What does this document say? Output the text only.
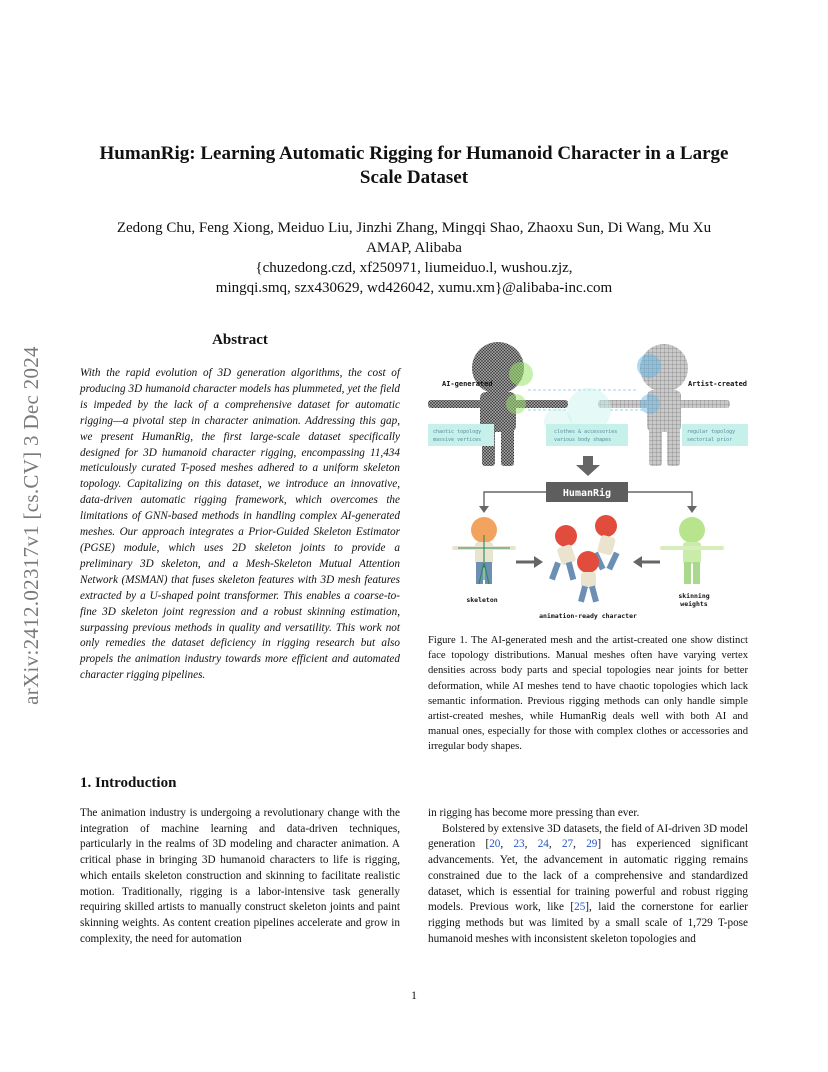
arXiv:2412.02317v1 [cs.CV] 3 Dec 2024
HumanRig: Learning Automatic Rigging for Humanoid Character in a Large Scale Dataset
Zedong Chu, Feng Xiong, Meiduo Liu, Jinzhi Zhang, Mingqi Shao, Zhaoxu Sun, Di Wang, Mu Xu
AMAP, Alibaba
{chuzedong.czd, xf250971, liumeiduo.l, wushou.zjz,
mingqi.smq, szx430629, wd426042, xumu.xm}@alibaba-inc.com
Abstract
With the rapid evolution of 3D generation algorithms, the cost of producing 3D humanoid character models has plummeted, yet the field is impeded by the lack of a comprehensive dataset for automatic rigging—a pivotal step in character animation. Addressing this gap, we present HumanRig, the first large-scale dataset specifically designed for 3D humanoid character rigging, encompassing 11,434 meticulously curated T-posed meshes adhered to a uniform skeleton topology. Capitalizing on this dataset, we introduce an innovative, data-driven automatic rigging framework, which overcomes the limitations of GNN-based methods in handling complex AI-generated meshes. Our approach integrates a Prior-Guided Skeleton Estimator (PGSE) module, which uses 2D skeleton joints to provide a preliminary 3D skeleton, and a Mesh-Skeleton Mutual Attention Network (MSMAN) that fuses skeleton features with 3D mesh features extracted by a U-shaped point transformer. This enables a coarse-to-fine 3D skeleton joint regression and a robust skinning estimation, surpassing previous methods in quality and versatility. This work not only remedies the dataset deficiency in rigging research but also propels the animation industry towards more efficient and automated character rigging pipelines.
1. Introduction
The animation industry is undergoing a revolutionary change with the integration of machine learning and data-driven techniques, particularly in the realms of 3D modeling and character animation. A critical phase in bringing 3D humanoid characters to life is rigging, which entails skeleton construction and skinning to facilitate realistic motion. Traditionally, rigging is a labor-intensive task generally requiring skilled artists to manually construct skeleton joints and paint skinning weights. As content creation pipelines accelerate and grow in complexity, the need for automation
in rigging has become more pressing than ever.
Bolstered by extensive 3D datasets, the field of AI-driven 3D model generation [20, 23, 24, 27, 29] has experienced significant advancements. Yet, the advancement in automatic rigging remains constrained due to the lack of a comprehensive and standardized dataset, which is essential for training powerful and robust rigging models. Previous work, like [25], laid the cornerstone for earlier rigging methods but was limited by a small scale of 1,729 T-pose humanoid meshes with inconsistent skeleton topologies and
AI-generated	Artist-created
chaotic topology
massive vertices
clothes & accessories
various body shapes
regular topology
sectorial prior
HumanRig
skeleton	skinning
weights
animation-ready character
Figure 1. The AI-generated mesh and the artist-created one show distinct face topology distributions. Manual meshes often have varying vertex densities across body parts and special topologies near joints for better deformation, while AI meshes tend to have chaotic topologies which lack semantic information. Previous rigging methods can only handle simple artist-created meshes, while HumanRig deals well with both AI and manual ones, especially for those with complex clothes or accessories and irregular body shapes.
1
